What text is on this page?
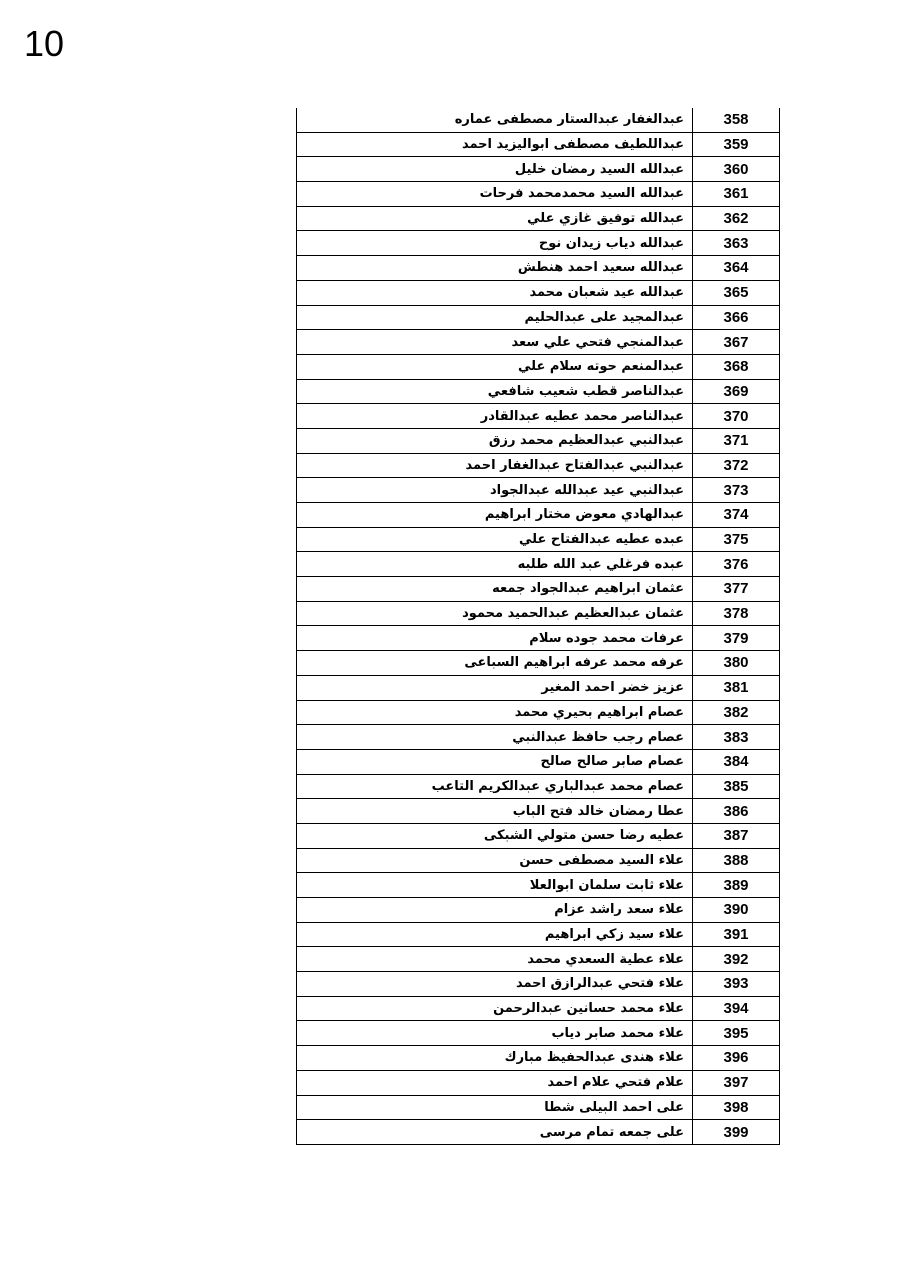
10
عبدالغفار عبدالستار مصطفى عماره	358
عبداللطيف مصطفى ابواليزيد احمد	359
عبدالله السيد رمضان خليل	360
عبدالله السيد محمدمحمد فرحات	361
عبدالله توفيق غازي علي	362
عبدالله دياب زيدان نوح	363
عبدالله سعيد احمد هنطش	364
عبدالله عيد شعبان محمد	365
عبدالمجيد على عبدالحليم	366
عبدالمنجي فتحي علي سعد	367
عبدالمنعم حوته سلام علي	368
عبدالناصر قطب شعيب شافعي	369
عبدالناصر محمد عطيه عبدالقادر	370
عبدالنبي عبدالعظيم محمد رزق	371
عبدالنبي عبدالفتاح عبدالغفار احمد	372
عبدالنبي عيد عبدالله عبدالجواد	373
عبدالهادي معوض مختار ابراهيم	374
عبده عطيه عبدالفتاح علي	375
عبده فرغلي عبد الله طلبه	376
عثمان ابراهيم عبدالجواد جمعه	377
عثمان عبدالعظيم عبدالحميد محمود	378
عرفات محمد جوده سلام	379
عرفه محمد عرفه ابراهيم السباعى	380
عزيز خضر احمد المغير	381
عصام ابراهيم بحيري محمد	382
عصام رجب حافظ عبدالنبي	383
عصام صابر صالح صالح	384
عصام محمد عبدالباري عبدالكريم التاعب	385
عطا رمضان خالد فتح الباب	386
عطيه رضا حسن متولي الشبكى	387
علاء السيد مصطفى حسن	388
علاء ثابت سلمان ابوالعلا	389
علاء سعد راشد عزام	390
علاء سيد زكي ابراهيم	391
علاء عطية السعدي محمد	392
علاء فتحي عبدالرازق احمد	393
علاء محمد حسانين عبدالرحمن	394
علاء محمد صابر دياب	395
علاء هندى عبدالحفيظ مبارك	396
علام فتحي علام احمد	397
على احمد البيلى شطا	398
على جمعه تمام مرسى	399
